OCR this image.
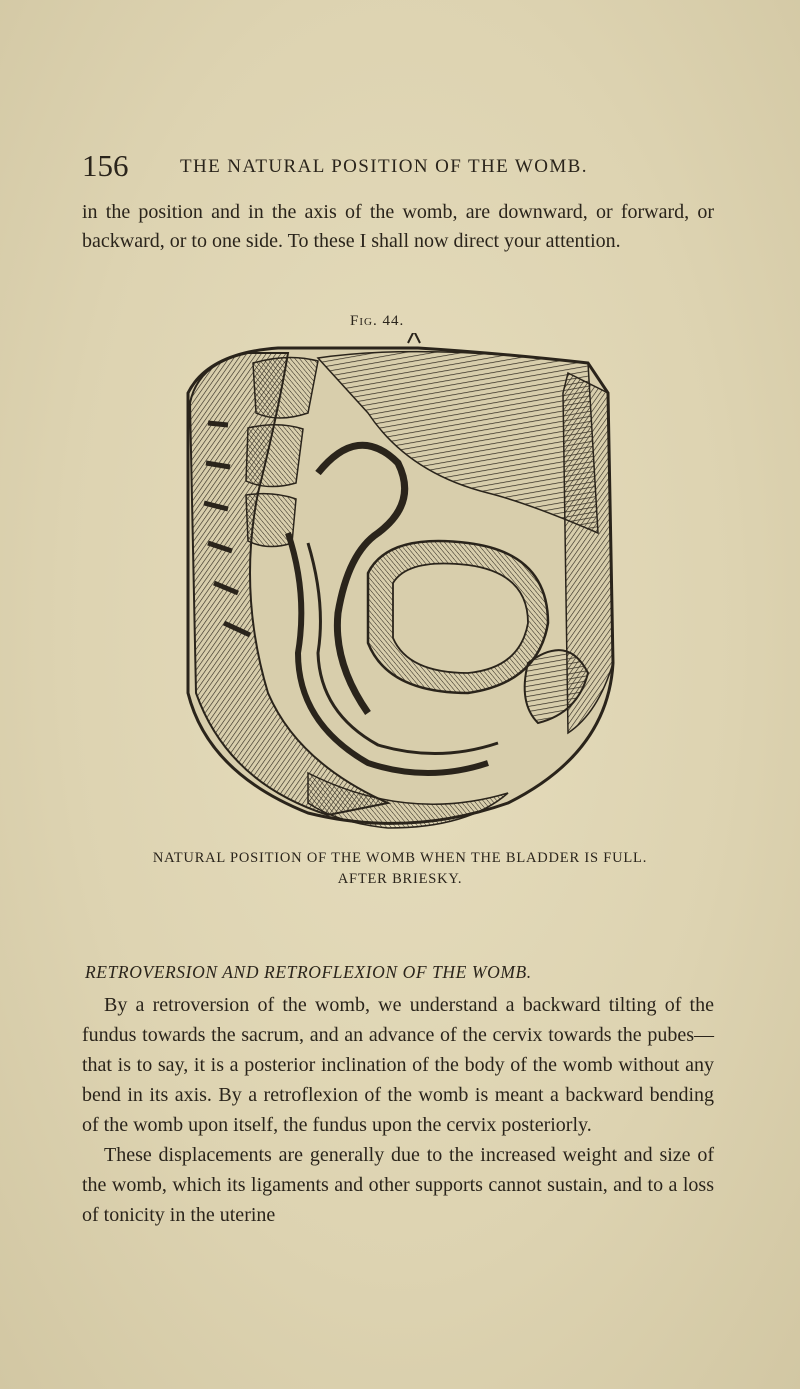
156	THE NATURAL POSITION OF THE WOMB.

in the position and in the axis of the womb, are downward, or forward, or backward, or to one side. To these I shall now direct your attention.

Fig. 44.
NATURAL POSITION OF THE WOMB WHEN THE BLADDER IS FULL.
AFTER BRIESKY.
RETROVERSION AND RETROFLEXION OF THE WOMB.

By a retroversion of the womb, we understand a backward tilting of the fundus towards the sacrum, and an advance of the cervix towards the pubes—that is to say, it is a posterior inclination of the body of the womb without any bend in its axis. By a retroflexion of the womb is meant a backward bending of the womb upon itself, the fundus upon the cervix posteriorly.

These displacements are generally due to the increased weight and size of the womb, which its ligaments and other supports cannot sustain, and to a loss of tonicity in the uterine
